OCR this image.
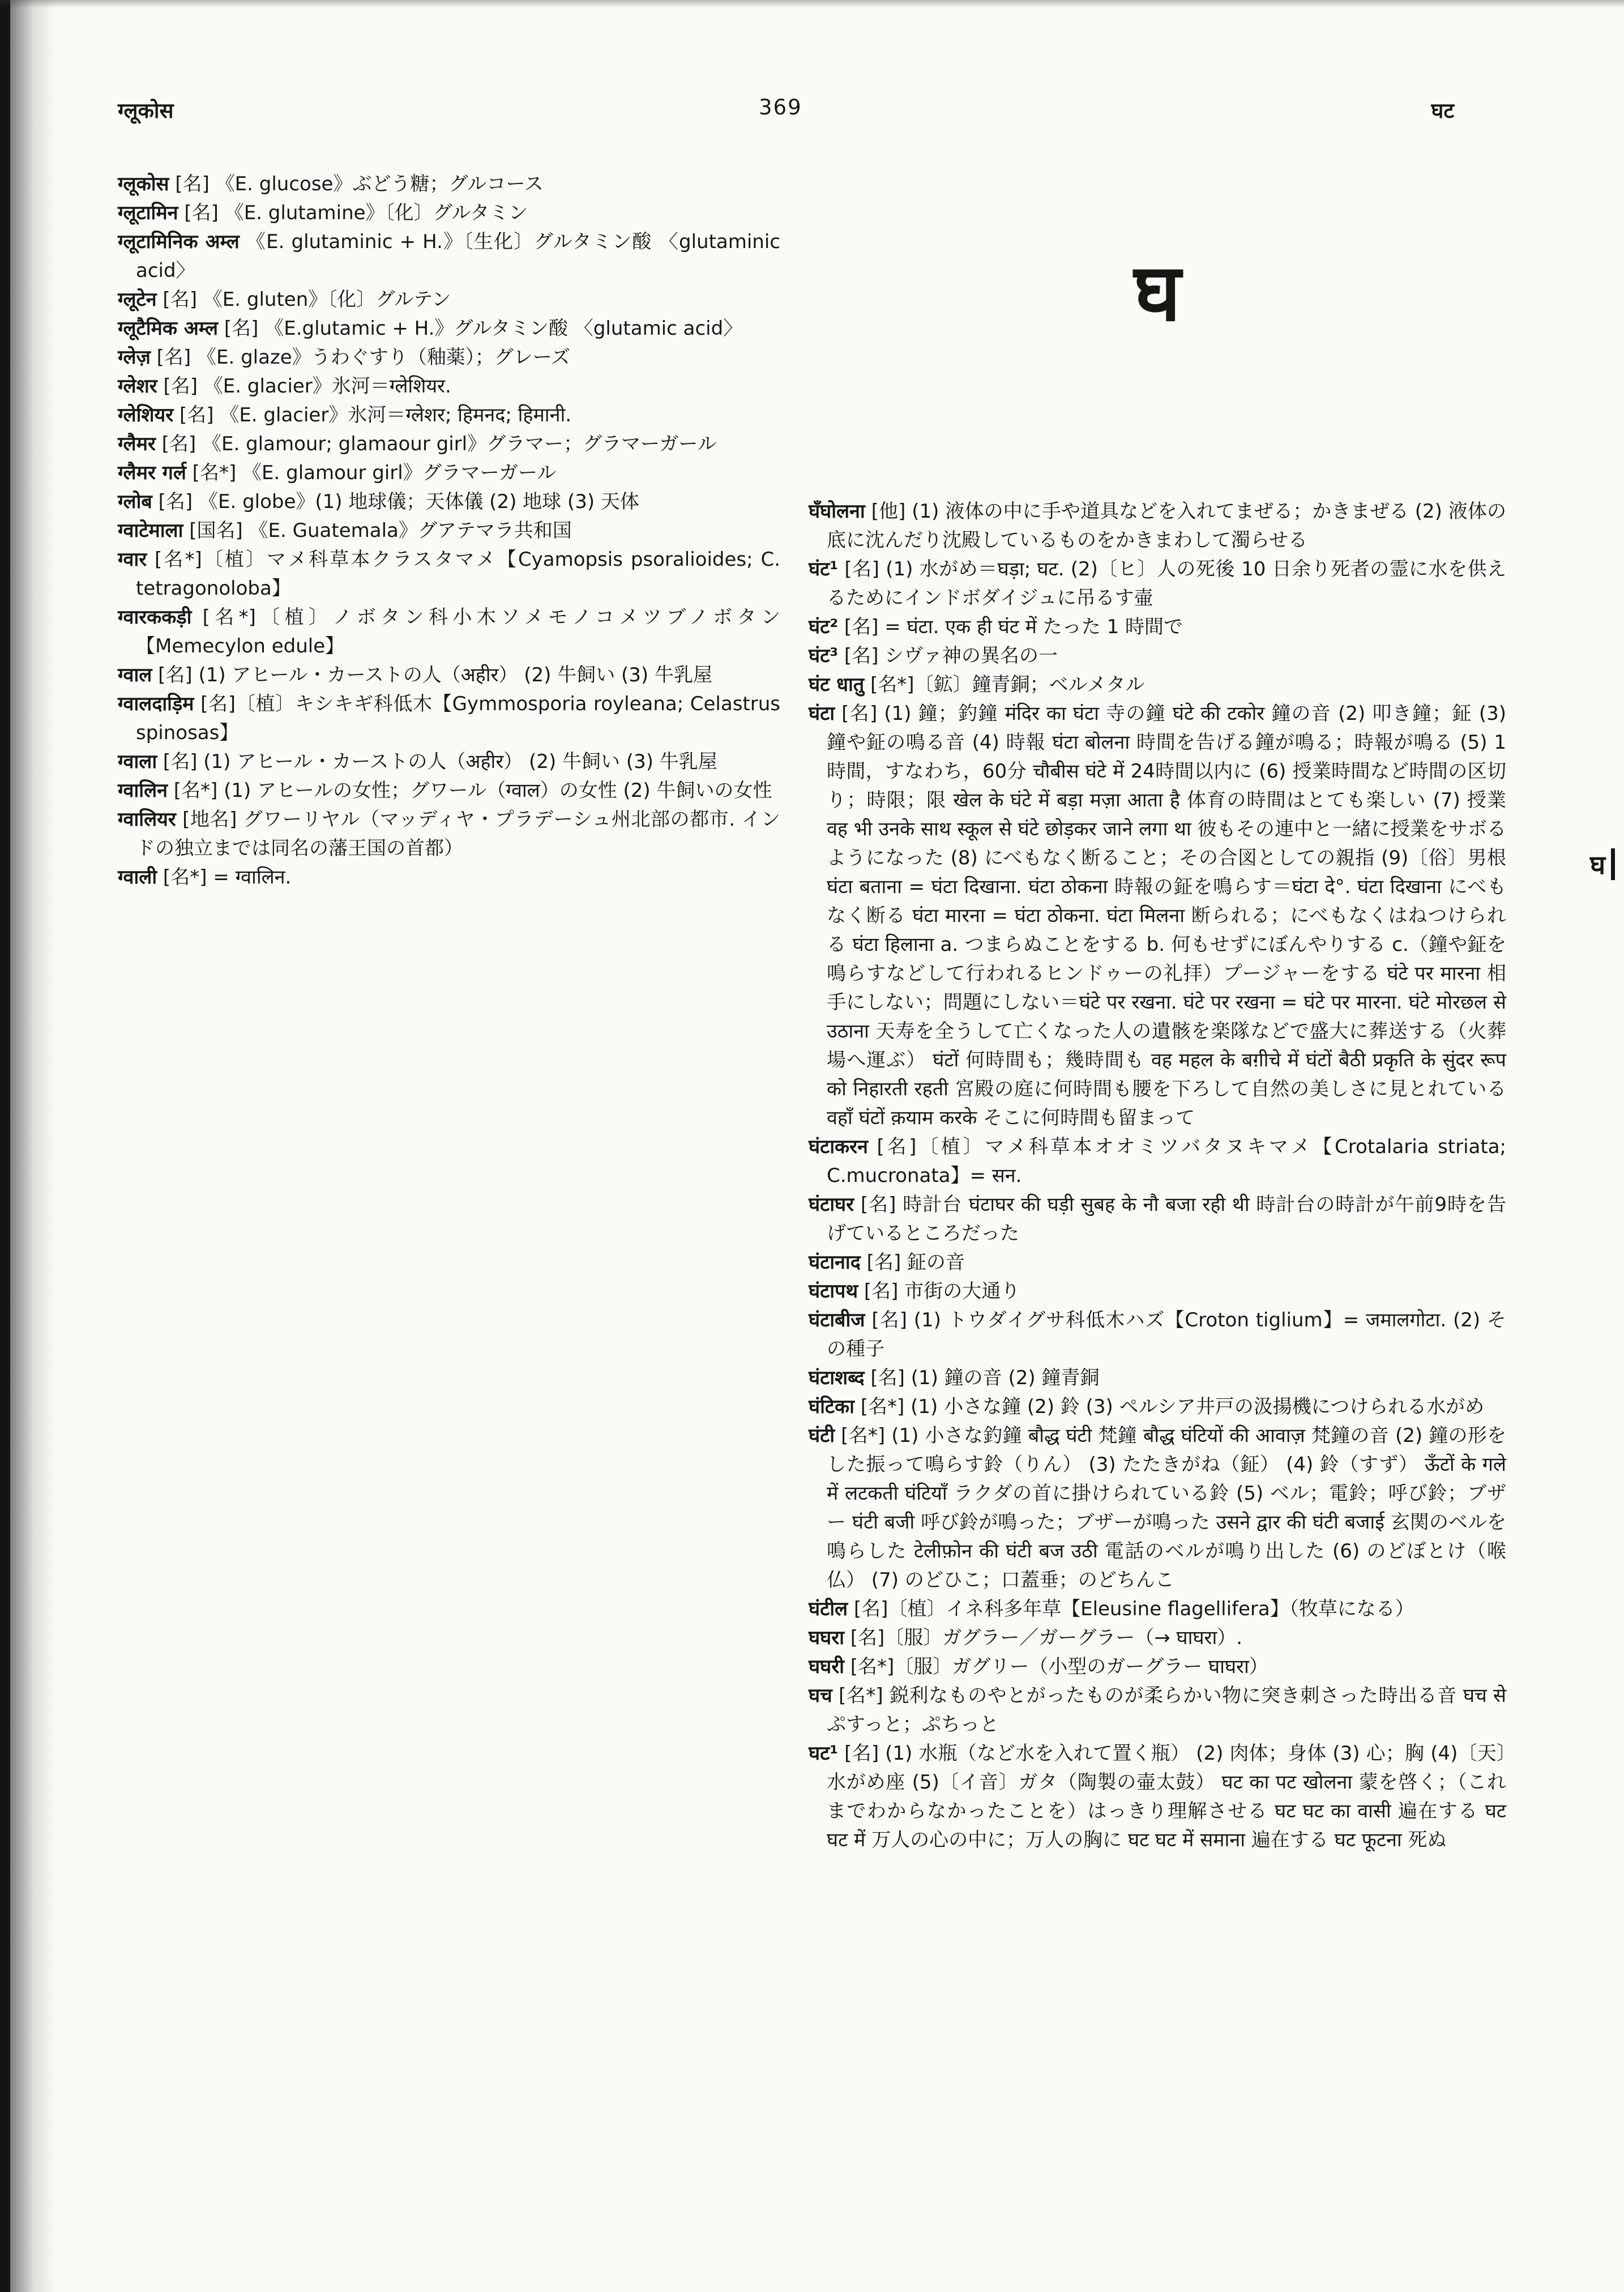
ग्लूकोस	369	घट

ग्लूकोस [名] 《E. glucose》ぶどう糖；グルコース

ग्लूटामिन [名] 《E. glutamine》〔化〕グルタミン

ग्लूटामिनिक अम्ल 《E. glutaminic + H.》〔生化〕グルタミン酸 〈glutaminic acid〉

ग्लूटेन [名] 《E. gluten》〔化〕グルテン

ग्लूटैमिक अम्ल [名] 《E.glutamic + H.》グルタミン酸 〈glutamic acid〉

ग्लेज़ [名] 《E. glaze》うわぐすり（釉薬）；グレーズ

ग्लेशर [名] 《E. glacier》氷河＝ग्लेशियर.

ग्लेशियर [名] 《E. glacier》氷河＝ग्लेशर; हिमनद; हिमानी.

ग्लैमर [名] 《E. glamour; glamaour girl》グラマー；グラマーガール

ग्लैमर गर्ल [名*] 《E. glamour girl》グラマーガール

ग्लोब [名] 《E. globe》(1) 地球儀；天体儀 (2) 地球 (3) 天体

ग्वाटेमाला [国名] 《E. Guatemala》グアテマラ共和国

ग्वार [名*]〔植〕マメ科草本クラスタマメ【Cyamopsis psoralioides; C. tetragonoloba】

ग्वारककड़ी [名*]〔植〕ノボタン科小木ソメモノコメツブノボタン【Memecylon edule】

ग्वाल [名] (1) アヒール・カーストの人（अहीर） (2) 牛飼い (3) 牛乳屋

ग्वालदाड़िम [名]〔植〕キシキギ科低木【Gymmosporia royleana; Celastrus spinosas】

ग्वाला [名] (1) アヒール・カーストの人（अहीर） (2) 牛飼い (3) 牛乳屋

ग्वालिन [名*] (1) アヒールの女性；グワール（ग्वाल）の女性 (2) 牛飼いの女性

ग्वालियर [地名] グワーリヤル（マッディヤ・プラデーシュ州北部の都市. インドの独立までは同名の藩王国の首都）

ग्वाली [名*] = ग्वालिन.

घ

घँघोलना [他] (1) 液体の中に手や道具などを入れてまぜる；かきまぜる (2) 液体の底に沈んだり沈殿しているものをかきまわして濁らせる

घंट¹ [名] (1) 水がめ＝घड़ा; घट. (2)〔ヒ〕人の死後 10 日余り死者の霊に水を供えるためにインドボダイジュに吊るす壷

घंट² [名] = घंटा. एक ही घंट में たった 1 時間で

घंट³ [名] シヴァ神の異名の一

घंट धातु [名*]〔鉱〕鐘青銅；ベルメタル

घंटा [名] (1) 鐘；釣鐘 मंदिर का घंटा 寺の鐘 घंटे की टकोर 鐘の音 (2) 叩き鐘；鉦 (3) 鐘や鉦の鳴る音 (4) 時報 घंटा बोलना 時間を告げる鐘が鳴る；時報が鳴る (5) 1時間，すなわち，60分 चौबीस घंटे में 24時間以内に (6) 授業時間など時間の区切り；時限；限 खेल के घंटे में बड़ा मज़ा आता है 体育の時間はとても楽しい (7) 授業 वह भी उनके साथ स्कूल से घंटे छोड़कर जाने लगा था 彼もその連中と一緒に授業をサボるようになった (8) にべもなく断ること；その合図としての親指 (9)〔俗〕男根 घंटा बताना = घंटा दिखाना. घंटा ठोकना 時報の鉦を鳴らす＝घंटा दे°. घंटा दिखाना にべもなく断る घंटा मारना = घंटा ठोकना. घंटा मिलना 断られる；にべもなくはねつけられる घंटा हिलाना a. つまらぬことをする b. 何もせずにぼんやりする c.（鐘や鉦を鳴らすなどして行われるヒンドゥーの礼拝）プージャーをする घंटे पर मारना 相手にしない；問題にしない＝घंटे पर रखना. घंटे पर रखना = घंटे पर मारना. घंटे मोरछल से उठाना 天寿を全うして亡くなった人の遺骸を楽隊などで盛大に葬送する（火葬場へ運ぶ） घंटों 何時間も；幾時間も वह महल के बग़ीचे में घंटों बैठी प्रकृति के सुंदर रूप को निहारती रहती 宮殿の庭に何時間も腰を下ろして自然の美しさに見とれている वहाँ घंटों क़याम करके そこに何時間も留まって

घंटाकरन [名]〔植〕マメ科草本オオミツバタヌキマメ【Crotalaria striata; C.mucronata】= सन.

घंटाघर [名] 時計台 घंटाघर की घड़ी सुबह के नौ बजा रही थी 時計台の時計が午前9時を告げているところだった

घंटानाद [名] 鉦の音

घंटापथ [名] 市街の大通り

घंटाबीज [名] (1) トウダイグサ科低木ハズ【Croton tiglium】= जमालगोटा. (2) その種子

घंटाशब्द [名] (1) 鐘の音 (2) 鐘青銅

घंटिका [名*] (1) 小さな鐘 (2) 鈴 (3) ペルシア井戸の汲揚機につけられる水がめ

घंटी [名*] (1) 小さな釣鐘 बौद्ध घंटी 梵鐘 बौद्ध घंटियों की आवाज़ 梵鐘の音 (2) 鐘の形をした振って鳴らす鈴（りん） (3) たたきがね（鉦） (4) 鈴（すず） ऊँटों के गले में लटकती घंटियाँ ラクダの首に掛けられている鈴 (5) ベル；電鈴；呼び鈴；ブザー घंटी बजी 呼び鈴が鳴った；ブザーが鳴った उसने द्वार की घंटी बजाई 玄関のベルを鳴らした टेलीफ़ोन की घंटी बज उठी 電話のベルが鳴り出した (6) のどぼとけ（喉仏） (7) のどひこ；口蓋垂；のどちんこ

घंटील [名]〔植〕イネ科多年草【Eleusine flagellifera】（牧草になる）

घघरा [名]〔服〕ガグラー／ガーグラー（→ घाघरा）.

घघरी [名*]〔服〕ガグリー（小型のガーグラー घाघरा）

घच [名*] 鋭利なものやとがったものが柔らかい物に突き刺さった時出る音 घच से ぷすっと；ぷちっと

घट¹ [名] (1) 水瓶（など水を入れて置く瓶） (2) 肉体；身体 (3) 心；胸 (4)〔天〕水がめ座 (5)〔イ音〕ガタ（陶製の壷太鼓） घट का पट खोलना 蒙を啓く；（これまでわからなかったことを）はっきり理解させる घट घट का वासी 遍在する घट घट में 万人の心の中に；万人の胸に घट घट में समाना 遍在する घट फूटना 死ぬ

घ
